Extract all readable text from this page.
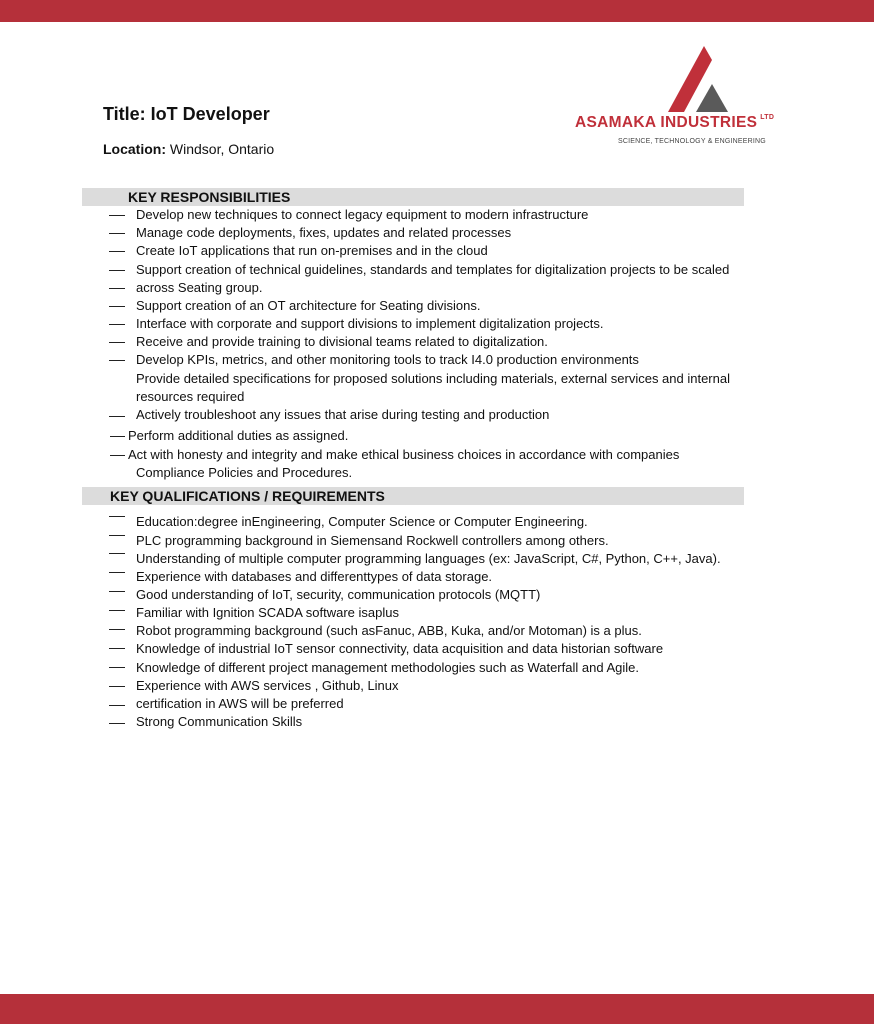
Title: IoT Developer
Location: Windsor, Ontario
ASAMAKA INDUSTRIES $^{LTD}$
SCIENCE, TECHNOLOGY & ENGINEERING
KEY RESPONSIBILITIES
Develop new techniques to connect legacy equipment to modern infrastructure
Manage code deployments, fixes, updates and related processes
Create IoT applications that run on-premises and in the cloud
Support creation of technical guidelines, standards and templates for digitalization projects to be scaled
across Seating group.
Support creation of an OT architecture for Seating divisions.
Interface with corporate and support divisions to implement digitalization projects.
Receive and provide training to divisional teams related to digitalization.
Develop KPIs, metrics, and other monitoring tools to track I4.0 production environments
Provide detailed specifications for proposed solutions including materials, external services and internal
resources required
Actively troubleshoot any issues that arise during testing and production
Perform additional duties as assigned.
Act with honesty and integrity and make ethical business choices in accordance with companies
Compliance Policies and Procedures.
KEY QUALIFICATIONS / REQUIREMENTS
Education:degree inEngineering, Computer Science or Computer Engineering.
PLC programming background in Siemensand Rockwell controllers among others.
Understanding of multiple computer programming languages (ex: JavaScript, C#, Python, C++, Java).
Experience with databases and differenttypes of data storage.
Good understanding of IoT, security, communication protocols (MQTT)
Familiar with Ignition SCADA software isaplus
Robot programming background (such asFanuc, ABB, Kuka, and/or Motoman) is a plus.
Knowledge of industrial IoT sensor connectivity, data acquisition and data historian software
Knowledge of different project management methodologies such as Waterfall and Agile.
Experience with AWS services , Github, Linux
certification in AWS will be preferred
Strong Communication Skills
